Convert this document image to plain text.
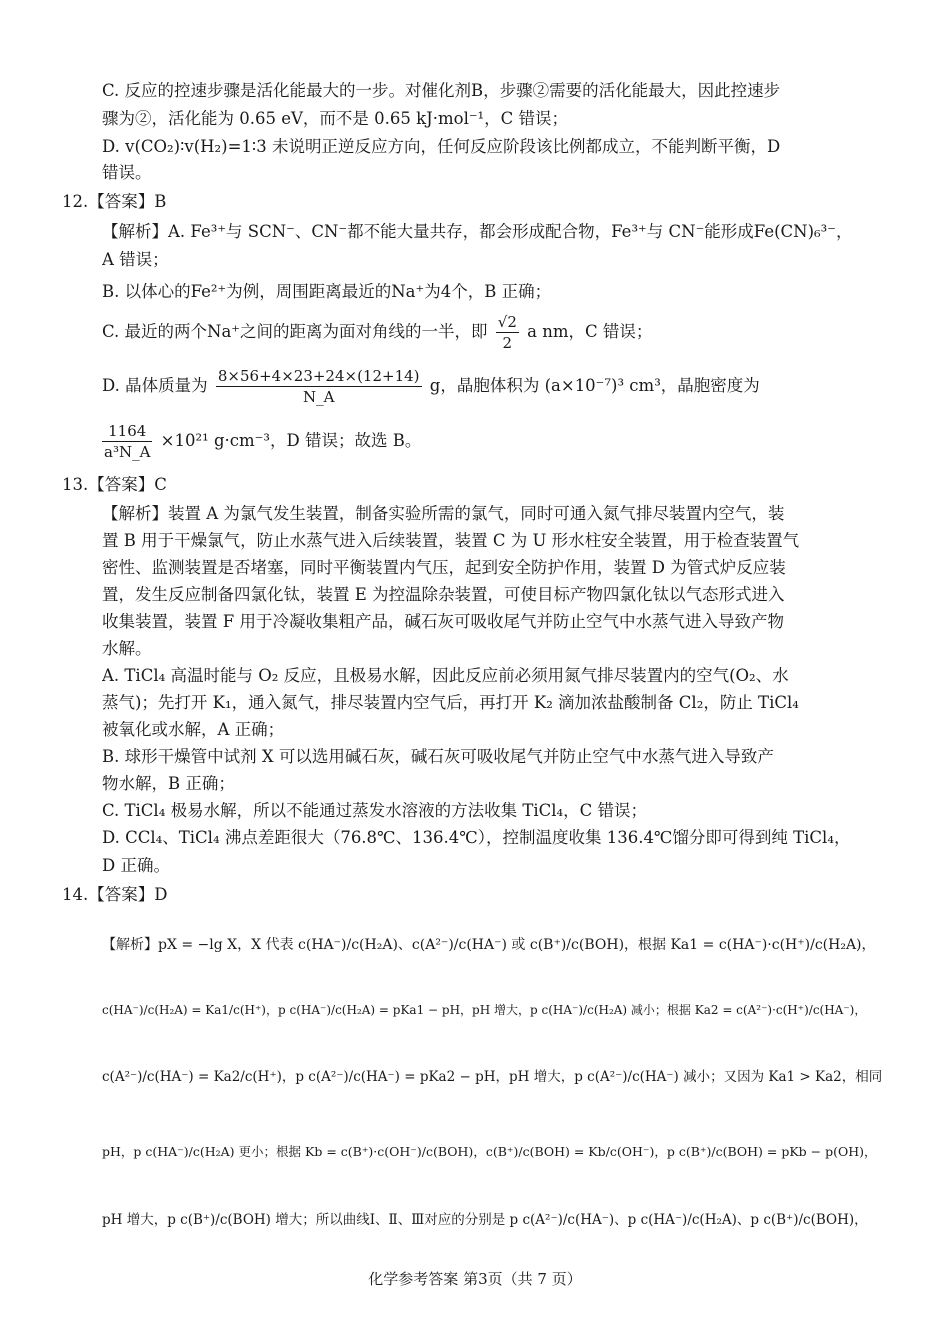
C. 反应的控速步骤是活化能最大的一步。对催化剂B，步骤②需要的活化能最大，因此控速步
骤为②，活化能为 0.65 eV，而不是 0.65 kJ·mol⁻¹，C 错误；
D. v(CO₂)∶v(H₂)=1∶3 未说明正逆反应方向，任何反应阶段该比例都成立，不能判断平衡，D
错误。
12.【答案】B
【解析】A. Fe³⁺与 SCN⁻、CN⁻都不能大量共存，都会形成配合物，Fe³⁺与 CN⁻能形成Fe(CN)₆³⁻，
A 错误；
B. 以体心的Fe²⁺为例，周围距离最近的Na⁺为4个，B 正确；
C. 最近的两个Na⁺之间的距离为面对角线的一半，即 $\frac{√2}{2}$ a nm，C 错误；
D. 晶体质量为 $\frac{8\times 56+4\times 23+24\times(12+14)}{N\_A}$ g，晶胞体积为 (a×10⁻⁷)³ cm³，晶胞密度为
$\frac{1164}{\text{a³N\_A}} \times 10^{21}$ g·cm⁻³，D 错误；故选 B。
13.【答案】C
【解析】装置 A 为氯气发生装置，制备实验所需的氯气，同时可通入氮气排尽装置内空气，装
置 B 用于干燥氯气，防止水蒸气进入后续装置，装置 C 为 U 形水柱安全装置，用于检查装置气
密性、监测装置是否堵塞，同时平衡装置内气压，起到安全防护作用，装置 D 为管式炉反应装
置，发生反应制备四氯化钛，装置 E 为控温除杂装置，可使目标产物四氯化钛以气态形式进入
收集装置，装置 F 用于冷凝收集粗产品，碱石灰可吸收尾气并防止空气中水蒸气进入导致产物
水解。
A. TiCl₄ 高温时能与 O₂ 反应，且极易水解，因此反应前必须用氮气排尽装置内的空气(O₂、水
蒸气)；先打开 K₁，通入氮气，排尽装置内空气后，再打开 K₂ 滴加浓盐酸制备 Cl₂，防止 TiCl₄
被氧化或水解，A 正确；
B. 球形干燥管中试剂 X 可以选用碱石灰，碱石灰可吸收尾气并防止空气中水蒸气进入导致产
物水解，B 正确；
C. TiCl₄ 极易水解，所以不能通过蒸发水溶液的方法收集 TiCl₄，C 错误；
D. CCl₄、TiCl₄ 沸点差距很大（76.8℃、136.4℃），控制温度收集 136.4℃馏分即可得到纯 TiCl₄，
D 正确。
14.【答案】D
【解析】pX = −lg X，X 代表 c(HA⁻)/c(H₂A)、c(A²⁻)/c(HA⁻) 或 c(B⁺)/c(BOH)，根据 Ka1 = c(HA⁻)·c(H⁺)/c(H₂A)，
c(HA⁻)/c(H₂A) = Ka1/c(H⁺)，p c(HA⁻)/c(H₂A) = pKa1 − pH，pH 增大，p c(HA⁻)/c(H₂A) 减小；根据 Ka2 = c(A²⁻)·c(H⁺)/c(HA⁻)，
c(A²⁻)/c(HA⁻) = Ka2/c(H⁺)，p c(A²⁻)/c(HA⁻) = pKa2 − pH，pH 增大，p c(A²⁻)/c(HA⁻) 减小；又因为 Ka1 > Ka2，相同
pH，p c(HA⁻)/c(H₂A) 更小；根据 Kb = c(B⁺)·c(OH⁻)/c(BOH)，c(B⁺)/c(BOH) = Kb/c(OH⁻)，p c(B⁺)/c(BOH) = pKb − p(OH)，
pH 增大，p c(B⁺)/c(BOH) 增大；所以曲线Ⅰ、Ⅱ、Ⅲ对应的分别是 p c(A²⁻)/c(HA⁻)、p c(HA⁻)/c(H₂A)、p c(B⁺)/c(BOH)，
化学参考答案 第3页（共 7 页）
